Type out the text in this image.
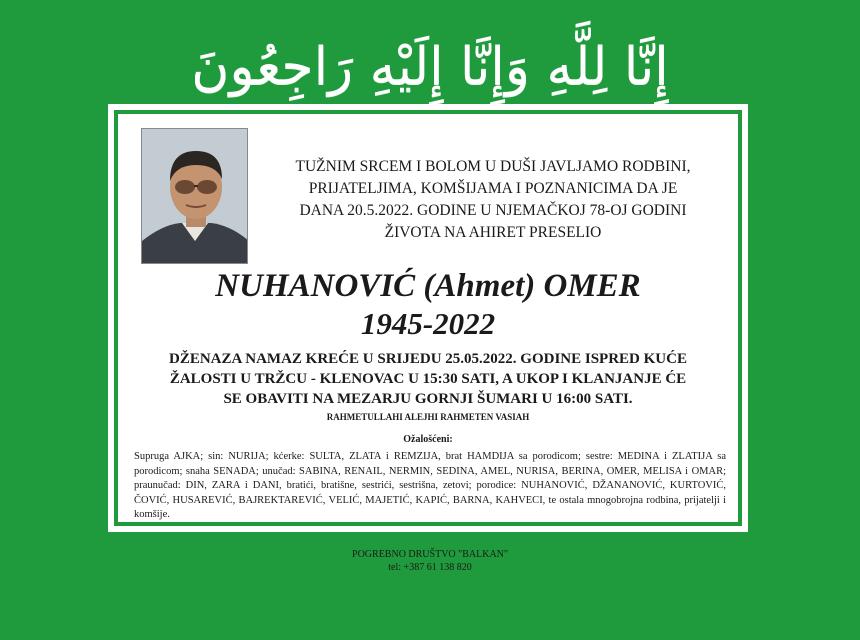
إِنَّا لِلَّهِ وَإِنَّا إِلَيْهِ رَاجِعُونَ
TUŽNIM SRCEM I BOLOM U DUŠI JAVLJAMO RODBINI,
PRIJATELJIMA, KOMŠIJAMA I POZNANICIMA DA JE
DANA 20.5.2022. GODINE U NJEMAČKOJ 78-OJ GODINI
ŽIVOTA NA AHIRET PRESELIO
NUHANOVIĆ (Ahmet) OMER
1945-2022
DŽENAZA NAMAZ KREĆE U SRIJEDU 25.05.2022. GODINE ISPRED KUĆE
ŽALOSTI U TRŽCU - KLENOVAC U 15:30 SATI, A UKOP I KLANJANJE ĆE
SE OBAVITI NA MEZARJU GORNJI ŠUMARI U 16:00 SATI.
RAHMETULLAHI ALEJHI RAHMETEN VASIAH
Ožalošćeni:
Supruga AJKA; sin: NURIJA; kćerke: SULTA, ZLATA i REMZIJA, brat HAMDIJA sa porodicom; sestre: MEDINA i ZLATIJA sa porodicom; snaha SENADA; unučad: SABINA, RENAIL, NERMIN, SEDINA, AMEL, NURISA, BERINA, OMER, MELISA i OMAR; praunučad: DIN, ZARA i DANI, bratići, bratišne, sestrići, sestrišna, zetovi; porodice: NUHANOVIĆ, DŽANANOVIĆ, KURTOVIĆ, ČOVIĆ, HUSAREVIĆ, BAJREKTAREVIĆ, VELIĆ, MAJETIĆ, KAPIĆ, BARNA, KAHVECI, te ostala mnogobrojna rodbina, prijatelji i komšije.
POGREBNO DRUŠTVO "BALKAN"
tel: +387 61 138 820
